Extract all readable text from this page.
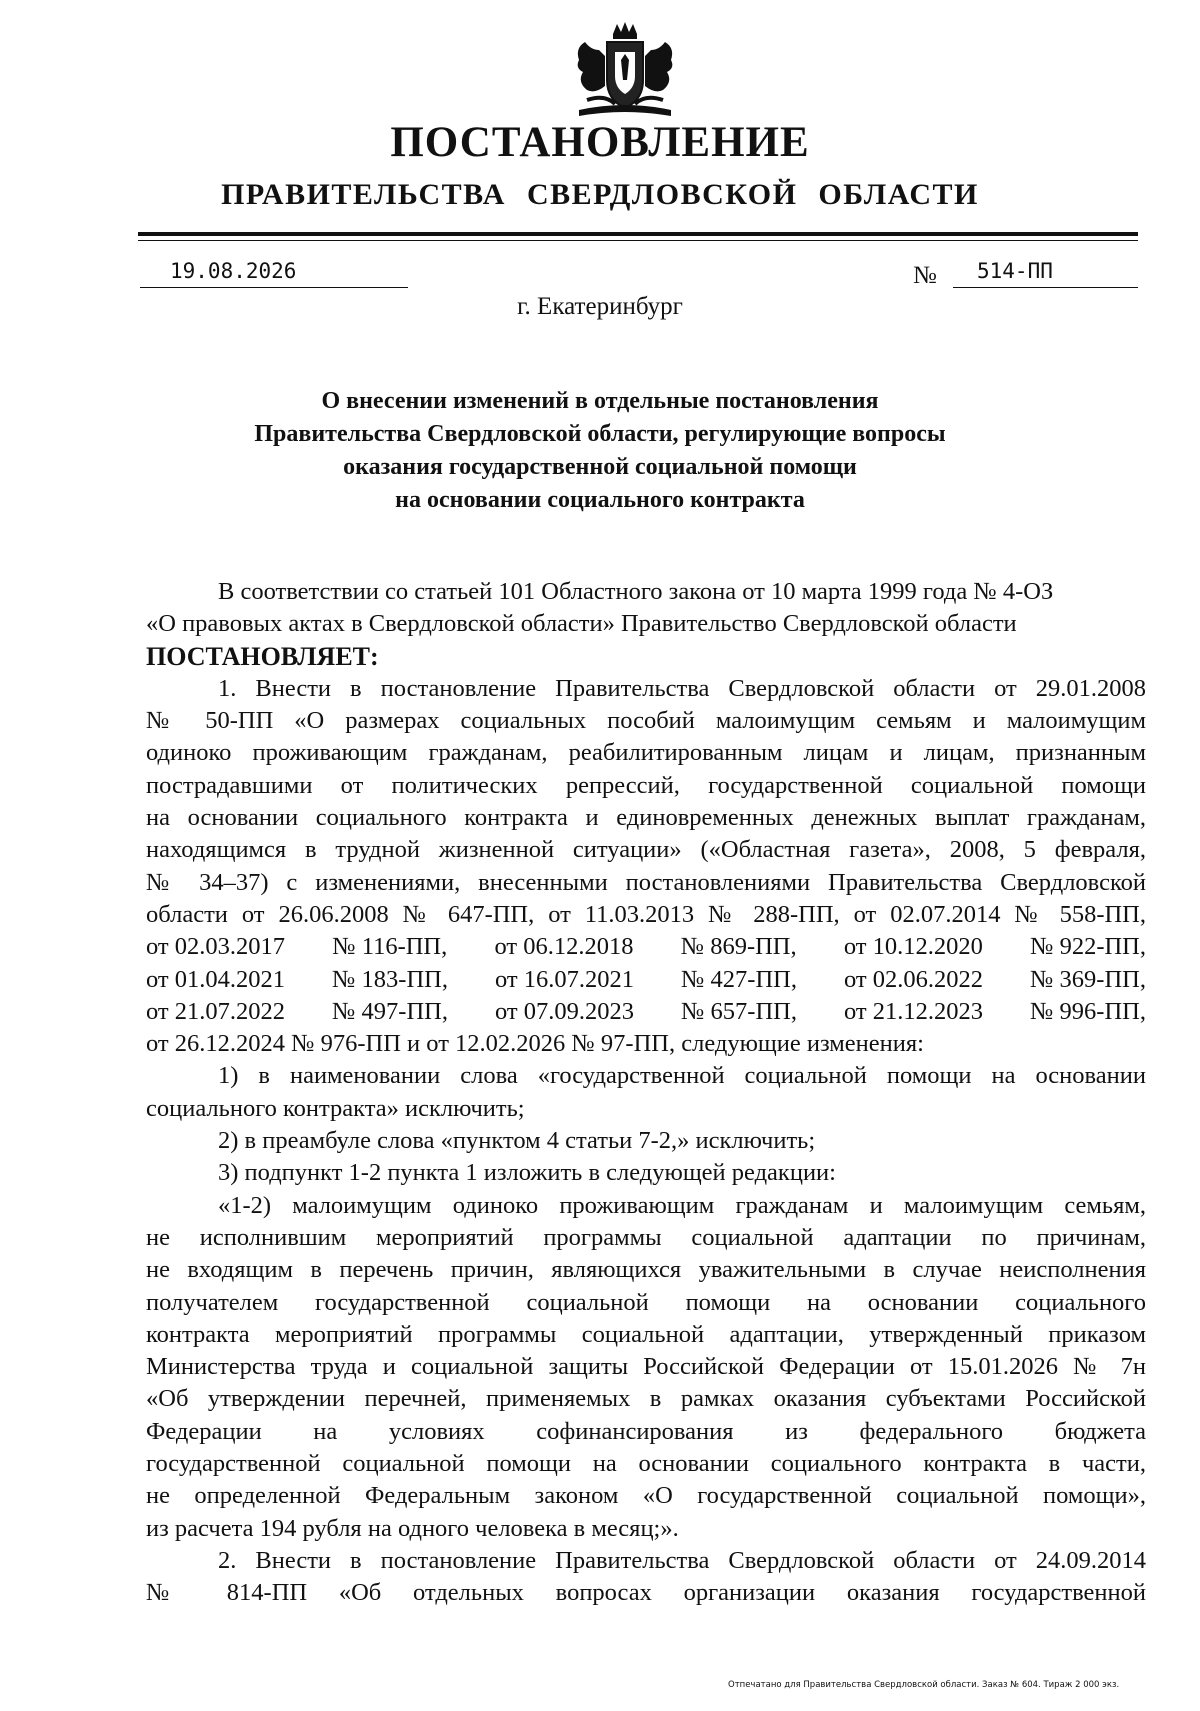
ПОСТАНОВЛЕНИЕ
ПРАВИТЕЛЬСТВА СВЕРДЛОВСКОЙ ОБЛАСТИ
19.08.2026	№	514-ПП
г. Екатеринбург
О внесении изменений в отдельные постановления
Правительства Свердловской области, регулирующие вопросы
оказания государственной социальной помощи
на основании социального контракта
В соответствии со статьей 101 Областного закона от 10 марта 1999 года № 4-ОЗ
«О правовых актах в Свердловской области» Правительство Свердловской области
ПОСТАНОВЛЯЕТ:
1. Внести в постановление Правительства Свердловской области от 29.01.2008
№ 50-ПП «О размерах социальных пособий малоимущим семьям и малоимущим
одиноко проживающим гражданам, реабилитированным лицам и лицам, признанным
пострадавшими от политических репрессий, государственной социальной помощи
на основании социального контракта и единовременных денежных выплат гражданам,
находящимся в трудной жизненной ситуации» («Областная газета», 2008, 5 февраля,
№ 34–37) с изменениями, внесенными постановлениями Правительства Свердловской
области от 26.06.2008 № 647-ПП, от 11.03.2013 № 288-ПП, от 02.07.2014 № 558-ПП,
от 02.03.2017 № 116-ПП, от 06.12.2018 № 869-ПП, от 10.12.2020 № 922-ПП,
от 01.04.2021 № 183-ПП, от 16.07.2021 № 427-ПП, от 02.06.2022 № 369-ПП,
от 21.07.2022 № 497-ПП, от 07.09.2023 № 657-ПП, от 21.12.2023 № 996-ПП,
от 26.12.2024 № 976-ПП и от 12.02.2026 № 97-ПП, следующие изменения:
1) в наименовании слова «государственной социальной помощи на основании
социального контракта» исключить;
2) в преамбуле слова «пунктом 4 статьи 7-2,» исключить;
3) подпункт 1-2 пункта 1 изложить в следующей редакции:
«1-2) малоимущим одиноко проживающим гражданам и малоимущим семьям,
не исполнившим мероприятий программы социальной адаптации по причинам,
не входящим в перечень причин, являющихся уважительными в случае неисполнения
получателем государственной социальной помощи на основании социального
контракта мероприятий программы социальной адаптации, утвержденный приказом
Министерства труда и социальной защиты Российской Федерации от 15.01.2026 № 7н
«Об утверждении перечней, применяемых в рамках оказания субъектами Российской
Федерации на условиях софинансирования из федерального бюджета
государственной социальной помощи на основании социального контракта в части,
не определенной Федеральным законом «О государственной социальной помощи»,
из расчета 194 рубля на одного человека в месяц;».
2. Внести в постановление Правительства Свердловской области от 24.09.2014
№ 814-ПП «Об отдельных вопросах организации оказания государственной
Отпечатано для Правительства Свердловской области. Заказ № 604. Тираж 2 000 экз.
